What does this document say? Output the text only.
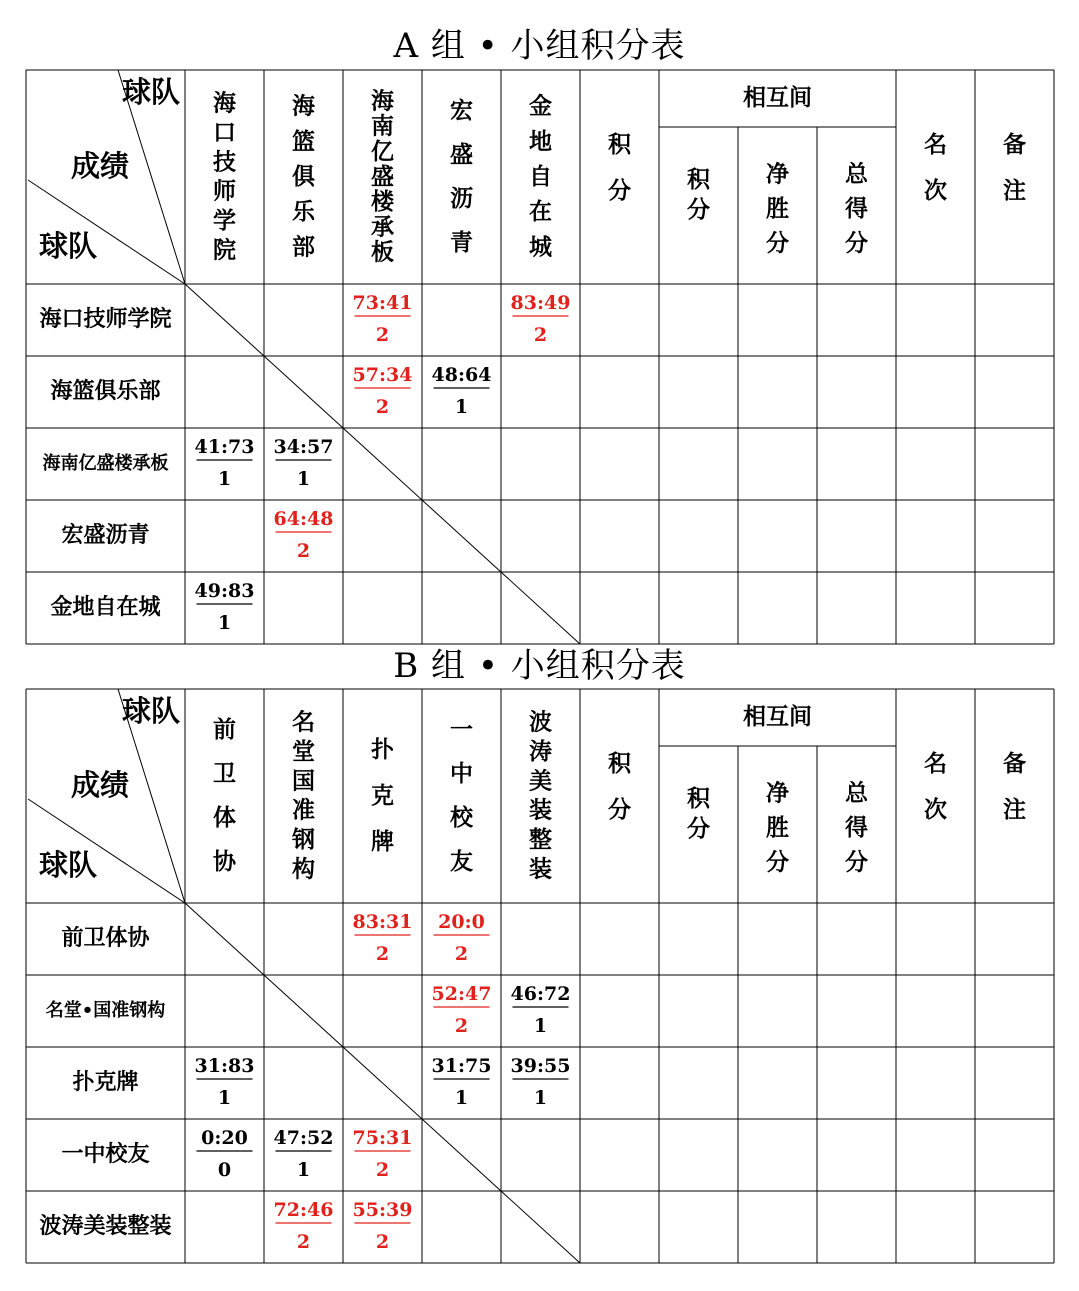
A 组 • 小组积分表
B 组 • 小组积分表
球队
成绩
球队
海
口
技
师
学
院
海
篮
俱
乐
部
海
南
亿
盛
楼
承
板
宏
盛
沥
青
金
地
自
在
城
积
分
相互间
积
分
净
胜
分
总
得
分
名
次
备
注
海口技师学院
73:41
2
83:49
2
海篮俱乐部
57:34
2
48:64
1
海南亿盛楼承板
41:73
1
34:57
1
宏盛沥青
64:48
2
金地自在城
49:83
1
球队
成绩
球队
前
卫
体
协
名
堂
国
准
钢
构
扑
克
牌
一
中
校
友
波
涛
美
装
整
装
积
分
相互间
积
分
净
胜
分
总
得
分
名
次
备
注
前卫体协
83:31
2
20:0
2
名堂•国准钢构
52:47
2
46:72
1
扑克牌
31:83
1
31:75
1
39:55
1
一中校友
0:20
0
47:52
1
75:31
2
波涛美装整装
72:46
2
55:39
2
